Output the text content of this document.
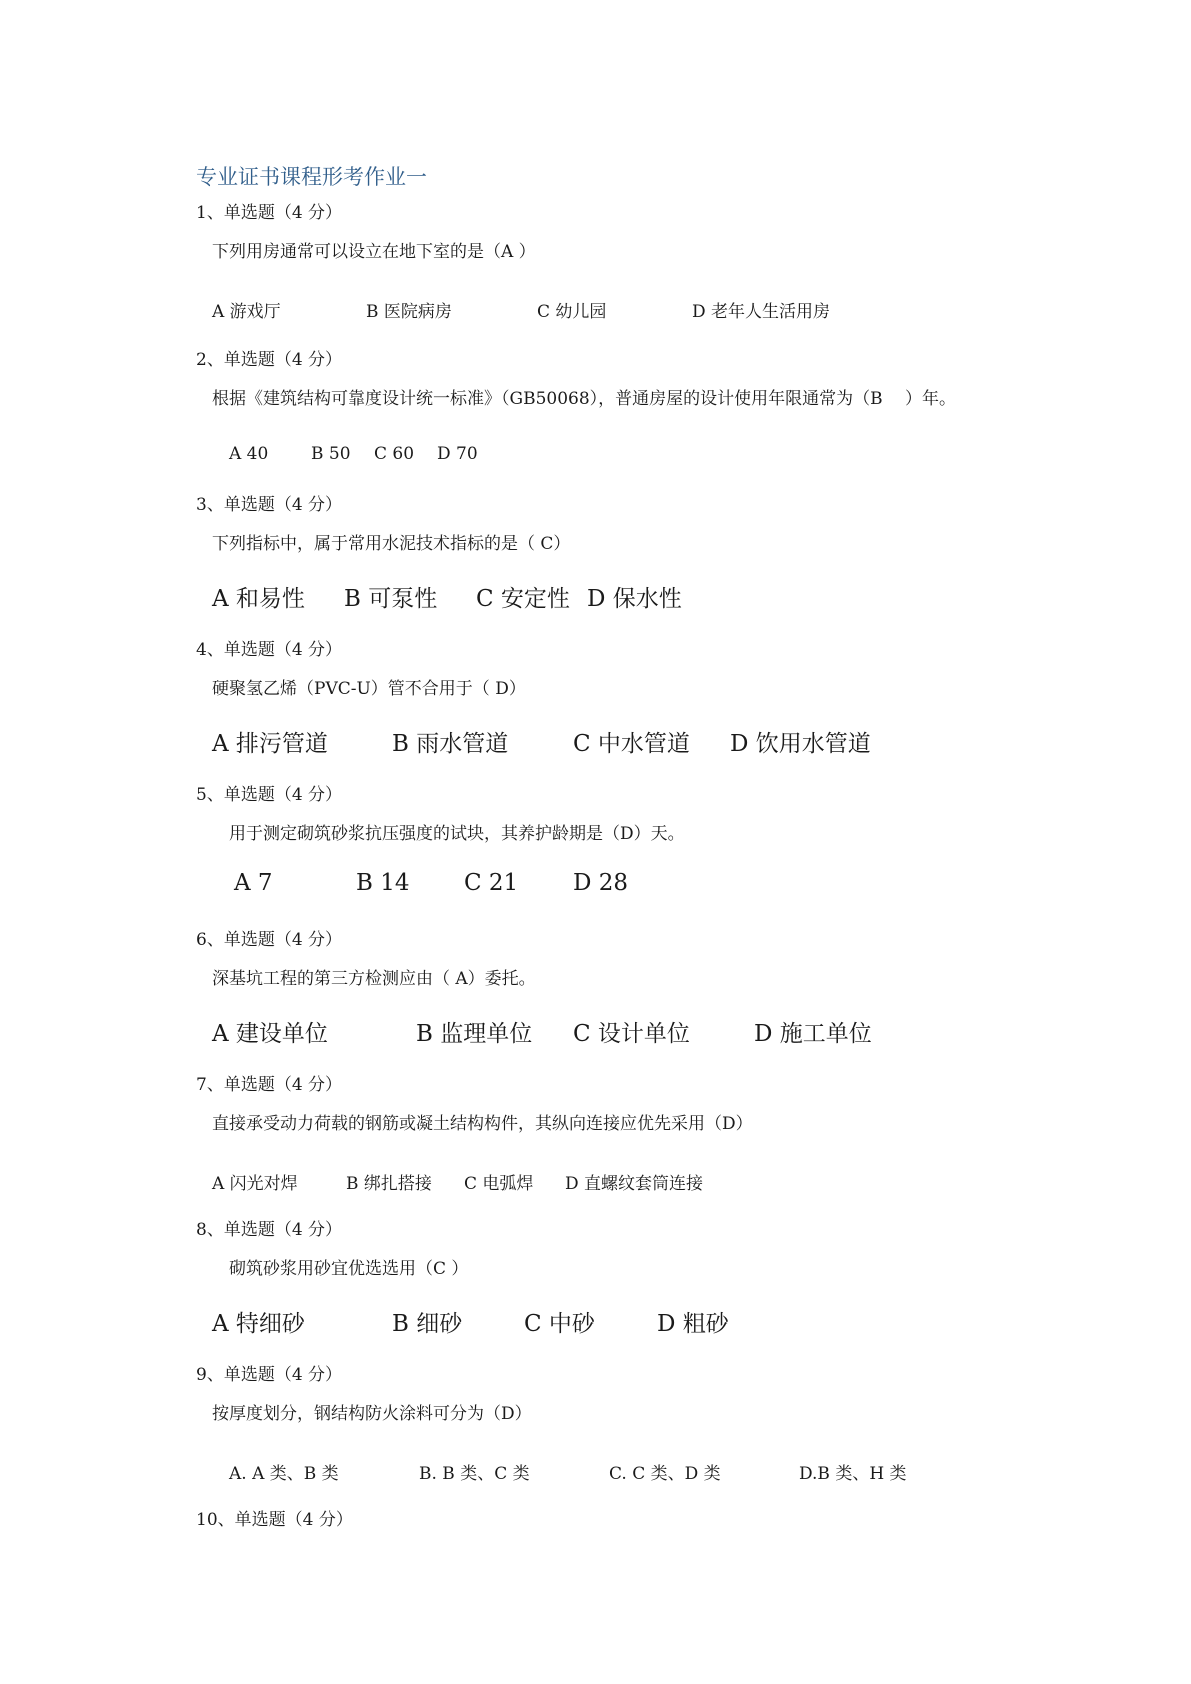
专业证书课程形考作业一
1、单选题（4 分）
下列用房通常可以设立在地下室的是（A ）
A 游戏厅	B 医院病房	C 幼儿园	D 老年人生活用房
2、单选题（4 分）
根据《建筑结构可靠度设计统一标准》（GB50068），普通房屋的设计使用年限通常为（B　 ）年。
A 40	B 50 C 60 D 70
3、单选题（4 分）
下列指标中，属于常用水泥技术指标的是（ C）
A 和易性 B 可泵性 C 安定性 D 保水性
4、单选题（4 分）
硬聚氢乙烯（PVC-U）管不合用于（ D）
A 排污管道	B 雨水管道	C 中水管道 D 饮用水管道
5、单选题（4 分）
用于测定砌筑砂浆抗压强度的试块，其养护龄期是（D）天。
A 7	B 14 C 21 D 28
6、单选题（4 分）
深基坑工程的第三方检测应由（ A）委托。
A 建设单位	B 监理单位 C 设计单位	D 施工单位
7、单选题（4 分）
直接承受动力荷载的钢筋或凝土结构构件，其纵向连接应优先采用（D）
A 闪光对焊	B 绑扎搭接 C 电弧焊 D 直螺纹套筒连接
8、单选题（4 分）
砌筑砂浆用砂宜优选选用（C ）
A 特细砂	B 细砂	C 中砂	D 粗砂
9、单选题（4 分）
按厚度划分，钢结构防火涂料可分为（D）
A. A 类、B 类	B. B 类、C 类	C. C 类、D 类	D.B 类、H 类
10、单选题（4 分）
